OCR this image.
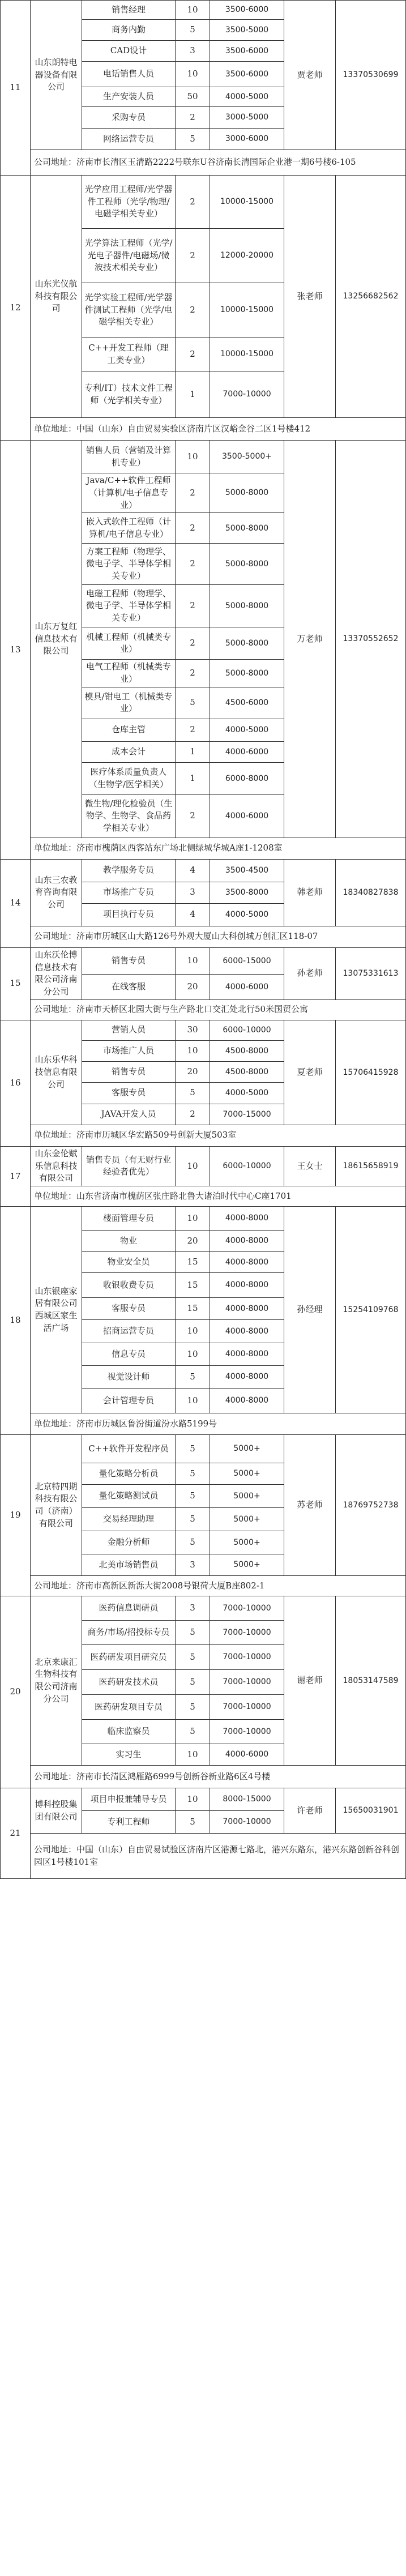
11	山东朗特电器设备有限公司	销售经理	10	3500-6000	贾老师	13370530699
		商务内勤	5	3500-5000		
		CAD设计	3	3500-6000		
		电话销售人员	10	3500-6000		
		生产安装人员	50	4000-5000		
		采购专员	2	3000-5000		
		网络运营专员	5	3000-6000		
	公司地址：济南市长清区玉清路2222号联东U谷济南长清国际企业港一期6号楼6-105					
12	山东光仪航科技有限公司	光学应用工程师/光学器件工程师（光学/物理/电磁学相关专业）	2	10000-15000	张老师	13256682562
		光学算法工程师（光学/光电子器件/电磁场/微波技术相关专业）	2	12000-20000		
		光学实验工程师/光学器件测试工程师（光学/电磁学相关专业）	2	10000-15000		
		C++开发工程师（理工类专业）	2	10000-15000		
		专利/IT）技术文件工程师（光学相关专业）	1	7000-10000		
	单位地址：中国（山东）自由贸易实验区济南片区汉峪金谷二区1号楼412					
13	山东万复红信息技术有限公司	销售人员（营销及计算机专业）	10	3500-5000+	万老师	13370552652
		Java/C++软件工程师（计算机/电子信息专业）	2	5000-8000		
		嵌入式软件工程师（计算机/电子信息专业）	2	5000-8000		
		方案工程师（物理学、微电子学、半导体学相关专业）	2	5000-8000		
		电磁工程师（物理学、微电子学、半导体学相关专业）	2	5000-8000		
		机械工程师（机械类专业）	2	5000-8000		
		电气工程师（机械类专业）	2	5000-8000		
		模具/钳电工（机械类专业）	5	4500-6000		
		仓库主管	2	4000-5000		
		成本会计	1	4000-6000		
		医疗体系质量负责人（生物学/医学相关）	1	6000-8000		
		微生物/理化检验员（生物学、生物学、食品药学相关专业）	2	4000-6000		
	单位地址：济南市槐荫区西客站东广场北侧绿城华城A座1-1208室					
14	山东三农教育咨询有限公司	教学服务专员	4	3500-4500	韩老师	18340827838
		市场推广专员	3	3500-8000		
		项目执行专员	4	4000-5000		
	公司地址：济南市历城区山大路126号外观大厦山大科创城万创汇区118-07					
15	山东沃伦博信息技术有限公司济南分公司	销售专员	10	6000-15000	孙老师	13075331613
		在线客服	20	4000-6000		
	公司地址：济南市天桥区北园大街与生产路北口交汇处北行50米国贸公寓					
16	山东乐华科技信息有限公司	营销人员	30	6000-10000	夏老师	15706415928
		市场推广人员	10	4500-8000		
		销售专员	20	4500-8000		
		客服专员	5	4000-5000		
		JAVA开发人员	2	7000-15000		
	单位地址：济南市历城区华宏路509号创新大厦503室					
17	山东金伦赋乐信息科技有限公司	销售专员（有无财行业经验者优先）	10	6000-10000	王女士	18615658919
	单位地址：山东省济南市槐荫区张庄路北鲁大诸泊时代中心C座1701					
18	山东银座家居有限公司西城区家生活广场	楼面管理专员	10	4000-8000	孙经理	15254109768
		物业	20	4000-8000		
		物业安全员	15	4000-8000		
		收银收费专员	15	4000-8000		
		客服专员	15	4000-8000		
		招商运营专员	10	4000-8000		
		信息专员	10	4000-8000		
		视觉设计师	5	4000-8000		
		会计管理专员	10	4000-8000		
	单位地址：济南市历城区鲁汾街道汾水路5199号					
19	北京特四期科技有限公司（济南）有限公司	C++软件开发程序员	5	5000+	苏老师	18769752738
		量化策略分析员	5	5000+		
		量化策略测试员	5	5000+		
		交易经理助理	5	5000+		
		金融分析师	5	5000+		
		北美市场销售员	3	5000+		
	公司地址：济南市高新区新泺大街2008号银荷大厦B座802-1					
20	北京来康汇生物科技有限公司济南分公司	医药信息调研员	3	7000-10000	谢老师	18053147589
		商务/市场/招投标专员	5	7000-10000		
		医药研发项目研究员	5	7000-10000		
		医药研发技术员	5	7000-10000		
		医药研发项目专员	5	7000-10000		
		临床监察员	5	7000-10000		
		实习生	10	4000-6000		
	公司地址：济南市长清区鸿雁路6999号创新谷新业路6区4号楼					
21	博科控股集团有限公司	项目申报兼辅导专员	10	8000-15000	许老师	15650031901
		专利工程师	5	7000-10000		
	公司地址：中国（山东）自由贸易试验区济南片区港源七路北，港兴东路东，港兴东路创新谷科创园区1号楼101室					
